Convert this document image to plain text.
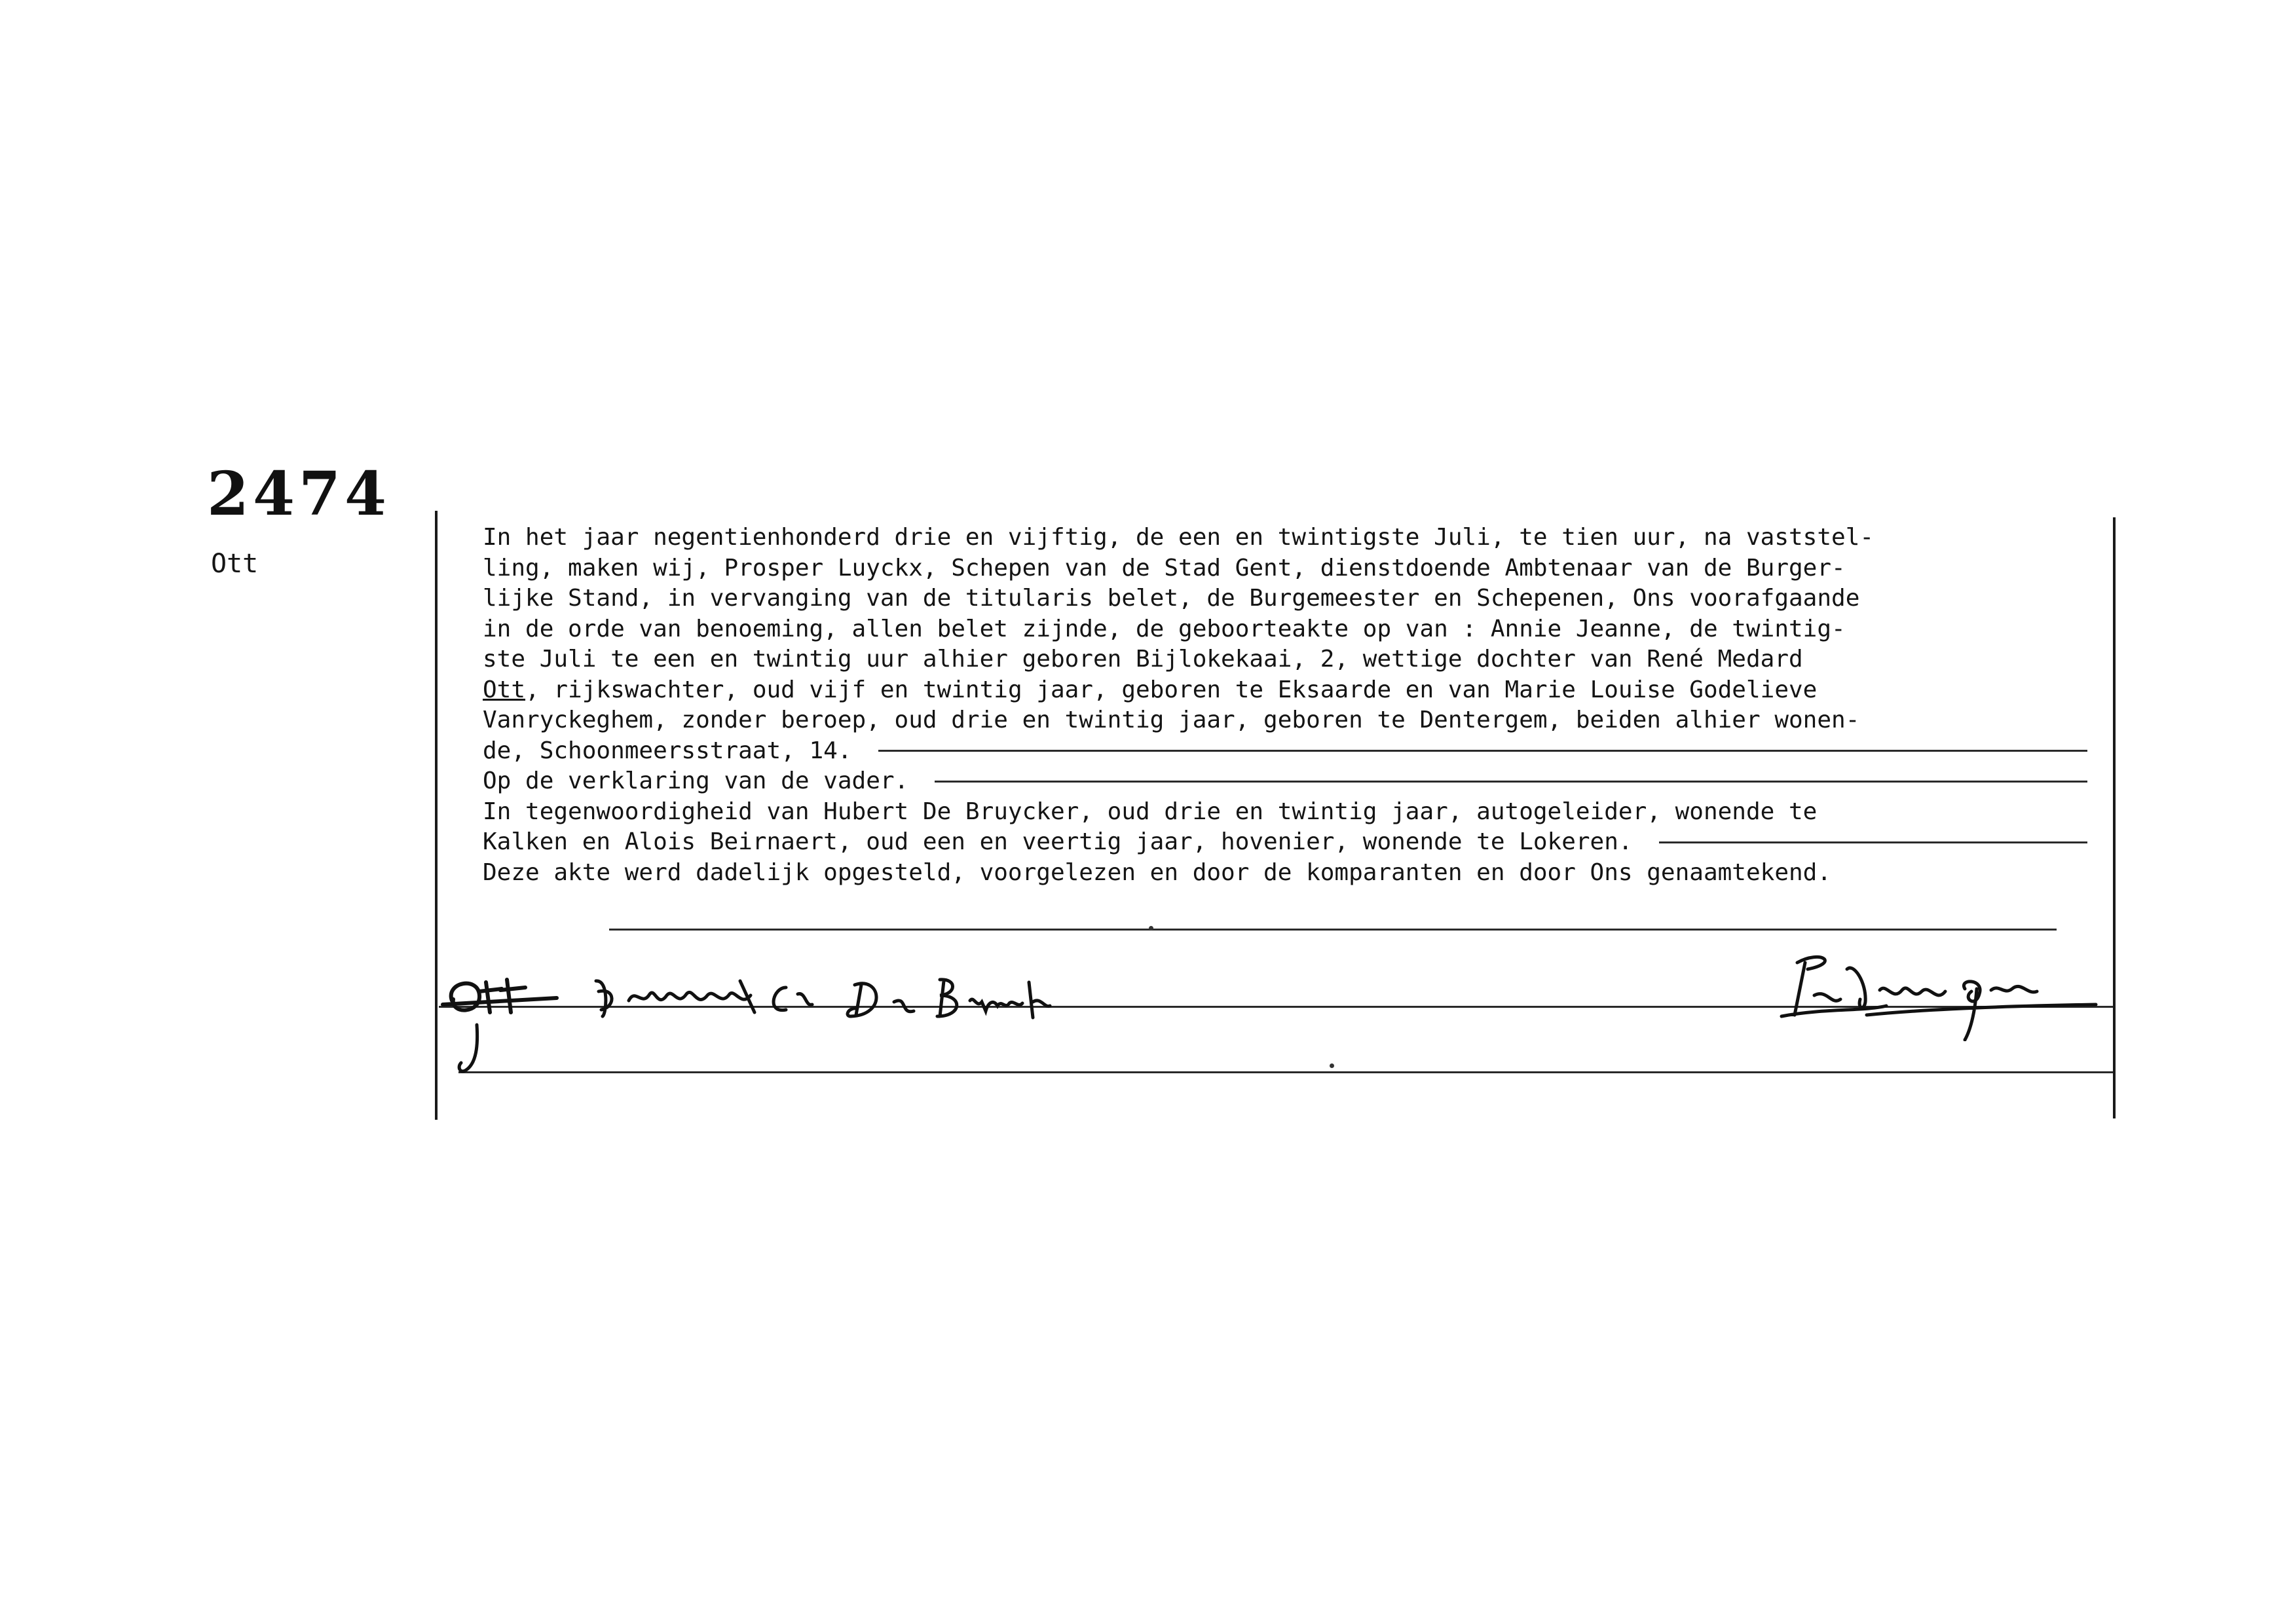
2474
Ott
In het jaar negentienhonderd drie en vijftig, de een en twintigste Juli, te tien uur, na vaststel-
ling, maken wij, Prosper Luyckx, Schepen van de Stad Gent, dienstdoende Ambtenaar van de Burger-
lijke Stand, in vervanging van de titularis belet, de Burgemeester en Schepenen, Ons voorafgaande
in de orde van benoeming, allen belet zijnde, de geboorteakte op van : Annie Jeanne, de twintig-
ste Juli te een en twintig uur alhier geboren Bijlokekaai, 2, wettige dochter van René Medard
Ott , rijkswachter, oud vijf en twintig jaar, geboren te Eksaarde en van Marie Louise Godelieve
Vanryckeghem, zonder beroep, oud drie en twintig jaar, geboren te Dentergem, beiden alhier wonen-
de, Schoonmeersstraat, 14.
Op de verklaring van de vader.
In tegenwoordigheid van Hubert De Bruycker, oud drie en twintig jaar, autogeleider, wonende te
Kalken en Alois Beirnaert, oud een en veertig jaar, hovenier, wonende te Lokeren.
Deze akte werd dadelijk opgesteld, voorgelezen en door de komparanten en door Ons genaamtekend.
